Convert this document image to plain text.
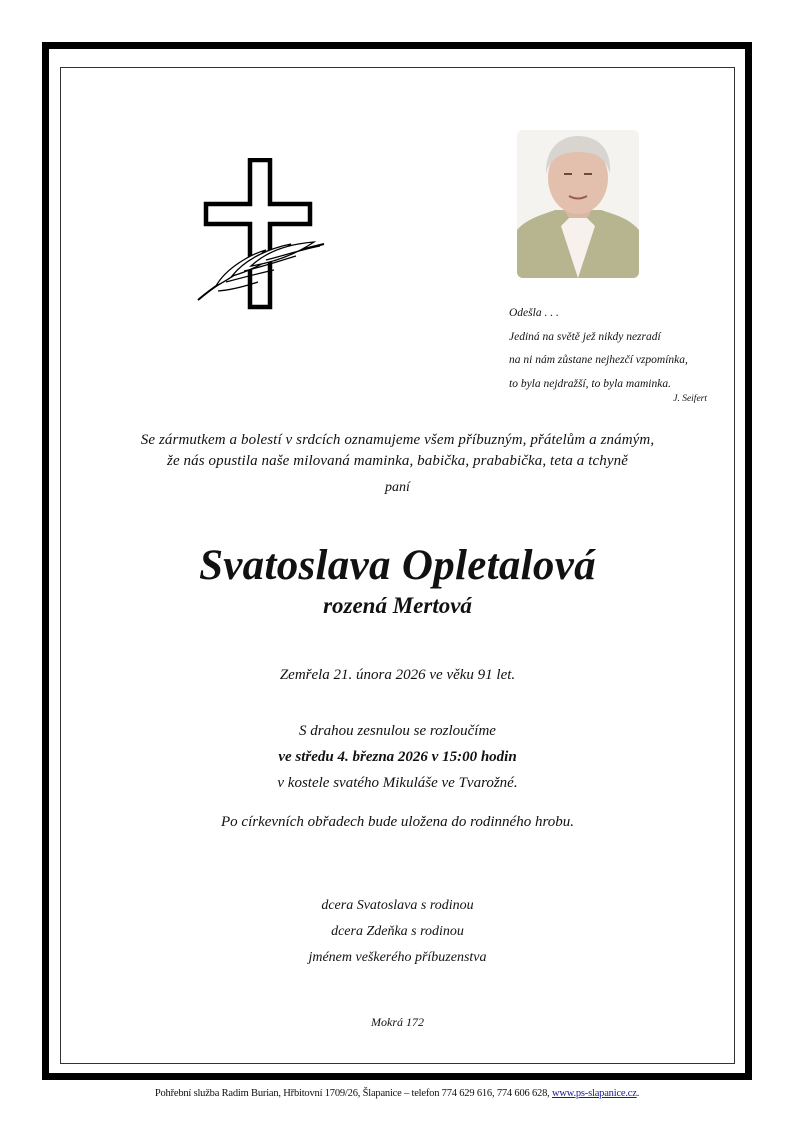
Odešla . . .
Jediná na světě jež nikdy nezradí
na ni nám zůstane nejhezčí vzpomínka,
to byla nejdražší, to byla maminka.
J. Seifert
Se zármutkem a bolestí v srdcích oznamujeme všem příbuzným, přátelům a známým,
že nás opustila naše milovaná maminka, babička, prababička, teta a tchyně
paní
Svatoslava Opletalová
rozená Mertová
Zemřela 21. února 2026 ve věku 91 let.
S drahou zesnulou se rozloučíme
ve středu 4. března 2026 v 15:00 hodin
v kostele svatého Mikuláše ve Tvarožné.
Po církevních obřadech bude uložena do rodinného hrobu.
dcera Svatoslava s rodinou
dcera Zdeňka s rodinou
jménem veškerého příbuzenstva
Mokrá 172
Pohřební služba Radim Burian, Hřbitovní 1709/26, Šlapanice – telefon 774 629 616, 774 606 628, www.ps-slapanice.cz.
